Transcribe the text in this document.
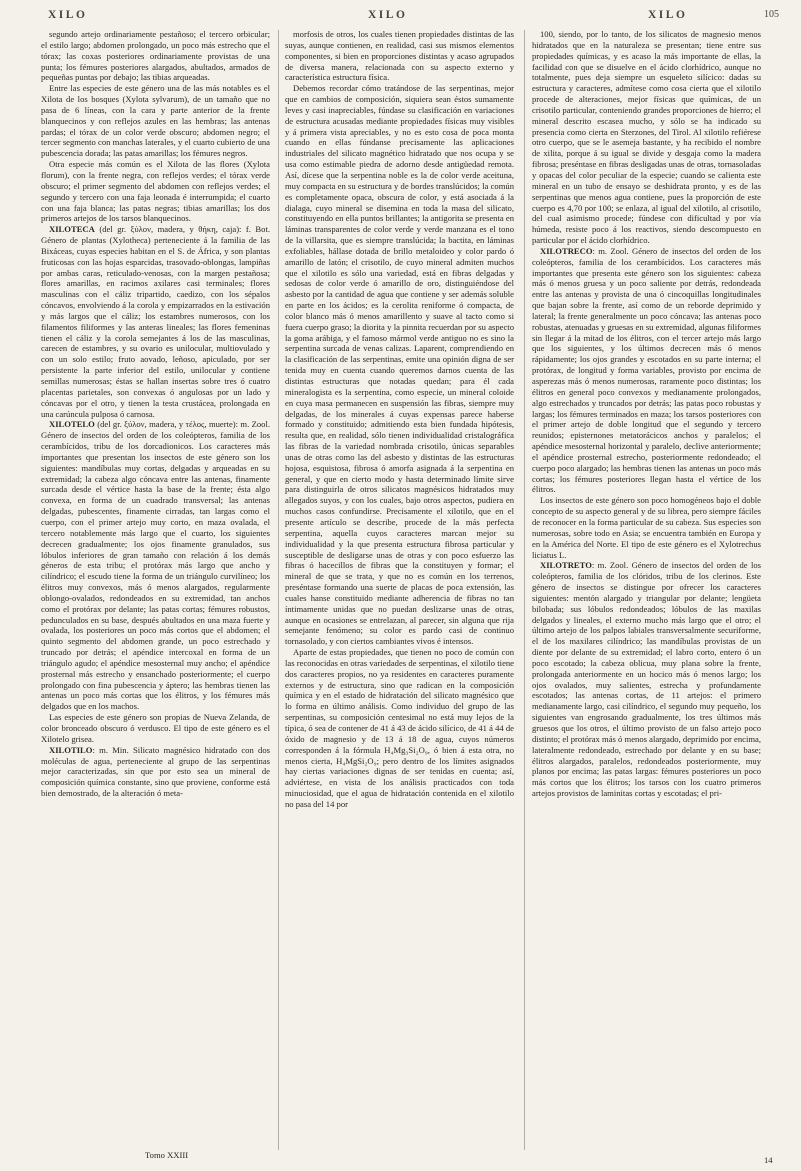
XILO	XILO	XILO	105

segundo artejo ordinariamente pestañoso; el tercero orbicular; el estilo largo; abdomen prolongado, un poco más estrecho que el tórax; las coxas posteriores ordinariamente provistas de una punta; los fémures posteriores alargados, abultados, armados de pequeñas puntas por debajo; las tibias arqueadas.

Entre las especies de este género una de las más notables es el Xilota de los bosques (Xylota sylvarum), de un tamaño que no pasa de 6 líneas, con la cara y parte anterior de la frente blanquecinos y con reflejos azules en las hembras; las antenas pardas; el tórax de un color verde obscuro; abdomen negro; el tercer segmento con manchas laterales, y el cuarto cubierto de una pubescencia dorada; las patas amarillas; los fémures negros.

Otra especie más común es el Xilota de las flores (Xylota florum), con la frente negra, con reflejos verdes; el tórax verde obscuro; el primer segmento del abdomen con reflejos verdes; el segundo y tercero con una faja leonada é interrumpida; el cuarto con una faja blanca; las patas negras; tibias amarillas; los dos primeros artejos de los tarsos blanquecinos.

XILOTECA (del gr. ξύλον, madera, y θήκη, caja): f. Bot. Género de plantas (Xylotheca) perteneciente á la familia de las Bixáceas, cuyas especies habitan en el S. de África, y son plantas fruticosas con las hojas esparcidas, trasovado-oblongas, lampiñas por ambas caras, reticulado-venosas, con la margen pestañosa; flores amarillas, en racimos axilares casi terminales; flores masculinas con el cáliz tripartido, caedizo, con los sépalos cóncavos, envolviendo á la corola y empizarrados en la estivación y más largos que el cáliz; los estambres numerosos, con los filamentos filiformes y las anteras lineales; las flores femeninas tienen el cáliz y la corola semejantes á los de las masculinas, carecen de estambres, y su ovario es unilocular, multiovulado y con un solo estilo; fruto aovado, leñoso, apiculado, por ser persistente la parte inferior del estilo, unilocular y contiene semillas numerosas; éstas se hallan insertas sobre tres ó cuatro placentas parietales, son convexas ó angulosas por un lado y cóncavas por el otro, y tienen la testa crustácea, prolongada en una carúncula pulposa ó carnosa.

XILOTELO (del gr. ξύλον, madera, y τέλος, muerte): m. Zool. Género de insectos del orden de los coleópteros, familia de los cerambícidos, tribu de los dorcadionicos. Los caracteres más importantes que presentan los insectos de este género son los siguientes: mandíbulas muy cortas, delgadas y arqueadas en su extremidad; la cabeza algo cóncava entre las antenas, finamente surcada desde el vértice hasta la base de la frente; ésta algo convexa, en forma de un cuadrado transversal; las antenas delgadas, pubescentes, finamente cirradas, tan largas como el cuerpo, con el primer artejo muy corto, en maza ovalada, el tercero notablemente más largo que el cuarto, los siguientes decrecen gradualmente; los ojos finamente granulados, sus lóbulos inferiores de gran tamaño con relación á los demás géneros de esta tribu; el protórax más largo que ancho y cilíndrico; el escudo tiene la forma de un triángulo curvilíneo; los élitros muy convexos, más ó menos alargados, regularmente oblongo-ovalados, redondeados en su extremidad, tan anchos como el protórax por delante; las patas cortas; fémures robustos, pedunculados en su base, después abultados en una maza fuerte y ovalada, los posteriores un poco más cortos que el abdomen; el quinto segmento del abdomen grande, un poco estrechado y truncado por detrás; el apéndice intercoxal en forma de un triángulo agudo; el apéndice mesosternal muy ancho; el apéndice prosternal más estrecho y ensanchado posteriormente; el cuerpo prolongado con fina pubescencia y áptero; las hembras tienen las antenas un poco más cortas que los élitros, y los fémures más delgados que en los machos.

Las especies de este género son propias de Nueva Zelanda, de color bronceado obscuro ó verdusco. El tipo de este género es el Xilotelo grisea.

XILOTILO: m. Min. Silicato magnésico hidratado con dos moléculas de agua, perteneciente al grupo de las serpentinas mejor caracterizadas, sin que por esto sea un mineral de composición química constante, sino que proviene, conforme está bien demostrado, de la alteración ó meta-

morfosis de otros, los cuales tienen propiedades distintas de las suyas, aunque contienen, en realidad, casi sus mismos elementos componentes, si bien en proporciones distintas y acaso agrupados de diversa manera, relacionada con su aspecto externo y característica estructura física.

Debemos recordar cómo tratándose de las serpentinas, mejor que en cambios de composición, siquiera sean éstos sumamente leves y casi inapreciables, fúndase su clasificación en variaciones de estructura acusadas mediante propiedades físicas muy visibles y á primera vista apreciables, y no es esto cosa de poca monta cuando en ellas fúndanse precisamente las aplicaciones industriales del silicato magnético hidratado que nos ocupa y se usa como estimable piedra de adorno desde antigüedad remota. Así, dícese que la serpentina noble es la de color verde aceituna, muy compacta en su estructura y de bordes translúcidos; la común es completamente opaca, obscura de color, y está asociada á la dialaga, cuyo mineral se disemina en toda la masa del silicato, constituyendo en ella puntos brillantes; la antigorita se presenta en láminas transparentes de color verde y verde manzana es el tono de la villarsita, que es siempre translúcida; la bactita, en láminas exfoliables, hállase dotada de brillo metaloideo y color pardo ó amarillo de latón; el crisotilo, de cuyo mineral admiten muchos que el xilotilo es sólo una variedad, está en fibras delgadas y sedosas de color verde ó amarillo de oro, distinguiéndose del asbesto por la cantidad de agua que contiene y ser además soluble en parte en los ácidos; es la cerolita reniforme ó compacta, de color blanco más ó menos amarillento y suave al tacto como si fuera cuerpo graso; la diorita y la pinnita recuerdan por su aspecto la goma arábiga, y el famoso mármol verde antiguo no es sino la serpentina surcada de venas calizas. Laparent, comprendiendo en la clasificación de las serpentinas, emite una opinión digna de ser tenida muy en cuenta cuando queremos darnos cuenta de las distintas estructuras que notadas quedan; para él cada mineralogista es la serpentina, como especie, un mineral coloide en cuya masa permanecen en suspensión las fibras, siempre muy delgadas, de los minerales á cuyas expensas parece haberse formado y constituido; admitiendo esta bien fundada hipótesis, resulta que, en realidad, sólo tienen individualidad cristalográfica las fibras de la variedad nombrada crisotilo, únicas separables unas de otras como las del asbesto y distintas de las estructuras hojosa, esquistosa, fibrosa ó amorfa asignada á la serpentina en general, y que en cierto modo y hasta determinado límite sirve para distinguirla de otros silicatos magnésicos hidratados muy allegados suyos, y con los cuales, bajo otros aspectos, pudiera en muchos casos confundirse. Precisamente el xilotilo, que en el presente artículo se describe, procede de la más perfecta serpentina, aquella cuyos caracteres marcan mejor su individualidad y la que presenta estructura fibrosa particular y susceptible de desligarse unas de otras y con poco esfuerzo las fibras ó hacecillos de fibras que la constituyen y formar; el mineral de que se trata, y que no es común en los terrenos, preséntase formando una suerte de placas de poca extensión, las cuales hanse constituido mediante adherencia de fibras no tan íntimamente unidas que no puedan deslizarse unas de otras, aunque en ocasiones se entrelazan, al parecer, sin alguna que rija semejante fenómeno; su color es pardo casi de continuo tornasolado, y con ciertos cambiantes vivos é intensos.

Aparte de estas propiedades, que tienen no poco de común con las reconocidas en otras variedades de serpentinas, el xilotilo tiene dos caracteres propios, no ya residentes en caracteres puramente externos y de estructura, sino que radican en la composición química y en el estado de hidratación del silicato magnésico que lo forma en último análisis. Como individuo del grupo de las serpentinas, su composición centesimal no está muy lejos de la típica, ó sea de contener de 41 á 43 de ácido silícico, de 41 á 44 de óxido de magnesio y de 13 á 18 de agua, cuyos números corresponden á la fórmula H₄Mg₃Si₂O₉, ó bien á esta otra, no menos cierta, H₄MgSi₂O₉; pero dentro de los límites asignados hay ciertas variaciones dignas de ser tenidas en cuenta; así, adviértese, en vista de los análisis practicados con toda minuciosidad, que el agua de hidratación contenida en el xilotilo no pasa del 14 por

100, siendo, por lo tanto, de los silicatos de magnesio menos hidratados que en la naturaleza se presentan; tiene entre sus propiedades químicas, y es acaso la más importante de ellas, la facilidad con que se disuelve en el ácido clorhídrico, aunque no totalmente, pues deja siempre un esqueleto silícico: dadas su estructura y caracteres, admítese como cosa cierta que el xilotilo procede de alteraciones, mejor físicas que químicas, de un crisotilo particular, conteniendo grandes proporciones de hierro; el mineral descrito escasea mucho, y sólo se ha indicado su presencia como cierta en Sterzones, del Tirol. Al xilotilo refiérese otro cuerpo, que se le asemeja bastante, y ha recibido el nombre de xilita, porque á su igual se divide y desgaja como la madera fibrosa; preséntase en fibras desligadas unas de otras, tornasoladas y opacas del color peculiar de la especie; cuando se calienta este mineral en un tubo de ensayo se deshidrata pronto, y es de las serpentinas que menos agua contiene, pues la proporción de este cuerpo es 4,70 por 100; se enlaza, al igual del xilotilo, al crisotilo, del cual asimismo procede; fúndese con dificultad y por vía húmeda, resiste poco á los reactivos, siendo descompuesto en particular por el ácido clorhídrico.

XILOTRECO: m. Zool. Género de insectos del orden de los coleópteros, familia de los cerambícidos. Los caracteres más importantes que presenta este género son los siguientes: cabeza más ó menos gruesa y un poco saliente por detrás, redondeada entre las antenas y provista de una ó cincoquillas longitudinales que bajan sobre la frente, así como de un reborde deprimido y lateral; la frente generalmente un poco cóncava; las antenas poco robustas, atenuadas y gruesas en su extremidad, algunas filiformes sin llegar á la mitad de los élitros, con el tercer artejo más largo que los siguientes, y los últimos decrecen más ó menos rápidamente; los ojos grandes y escotados en su parte interna; el protórax, de longitud y forma variables, provisto por encima de asperezas más ó menos numerosas, raramente poco distintas; los élitros en general poco convexos y medianamente prolongados, algo estrechados y truncados por detrás; las patas poco robustas y largas; los fémures terminados en maza; los tarsos posteriores con el primer artejo de doble longitud que el segundo y tercero reunidos; episternones metatorácicos anchos y paralelos; el apéndice mesosternal horizontal y paralelo, declive anteriormente; el apéndice prosternal estrecho, posteriormente redondeado; el cuerpo poco alargado; las hembras tienen las antenas un poco más cortas; los fémures posteriores llegan hasta el vértice de los élitros.

Los insectos de este género son poco homogéneos bajo el doble concepto de su aspecto general y de su librea, pero siempre fáciles de reconocer en la forma particular de su cabeza. Sus especies son numerosas, sobre todo en Asia; se encuentra también en Europa y en la América del Norte. El tipo de este género es el Xylotrechus liciatus L.

XILOTRETO: m. Zool. Género de insectos del orden de los coleópteros, familia de los clóridos, tribu de los clerinos. Este género de insectos se distingue por ofrecer los caracteres siguientes: mentón alargado y triangular por delante; lengüeta bilobada; sus lóbulos redondeados; lóbulos de las maxilas delgados y lineales, el externo mucho más largo que el otro; el último artejo de los palpos labiales transversalmente securiforme, el de los maxilares cilíndrico; las mandíbulas provistas de un diente por delante de su extremidad; el labro corto, entero ó un poco escotado; la cabeza oblicua, muy plana sobre la frente, prolongada anteriormente en un hocico más ó menos largo; los ojos ovalados, muy salientes, estrecha y profundamente escotados; las antenas cortas, de 11 artejos: el primero medianamente largo, casi cilíndrico, el segundo muy pequeño, los siguientes van engrosando gradualmente, los tres últimos más gruesos que los otros, el último provisto de un falso artejo poco distinto; el protórax más ó menos alargado, deprimido por encima, lateralmente redondeado, estrechado por delante y en su base; élitros alargados, paralelos, redondeados posteriormente, muy planos por encima; las patas largas: fémures posteriores un poco más cortos que los élitros; los tarsos con los cuatro primeros artejos provistos de laminitas cortas y escotadas; el pri-

Tomo XXIII	14
